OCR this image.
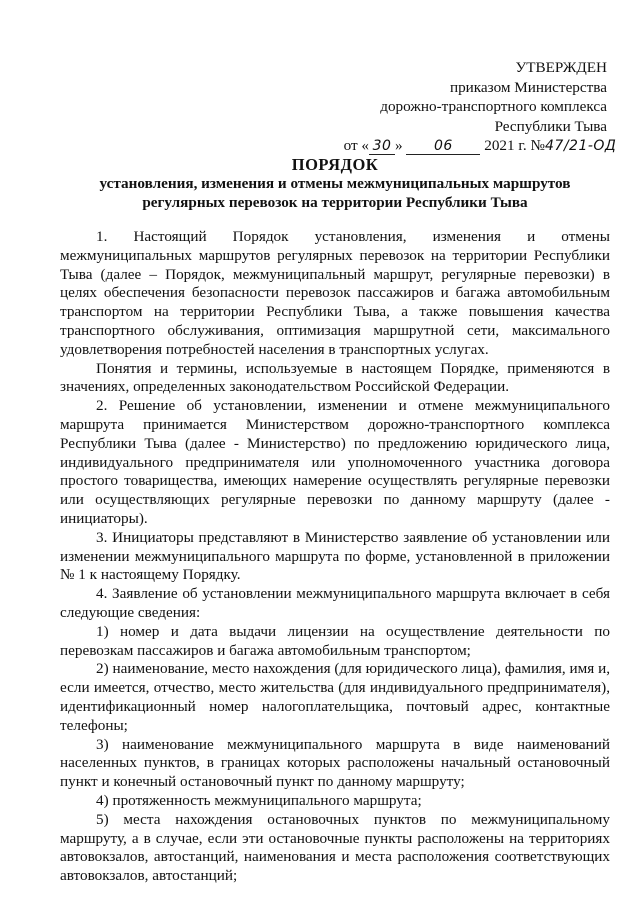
УТВЕРЖДЕН
приказом Министерства
дорожно-транспортного комплекса
Республики Тыва
от « 30 » 06 2021 г. №47/21-ОД
ПОРЯДОК
установления, изменения и отмены межмуниципальных маршрутов
регулярных перевозок на территории Республики Тыва

1. Настоящий Порядок установления, изменения и отмены межмуниципальных маршрутов регулярных перевозок на территории Республики Тыва (далее – Порядок, межмуниципальный маршрут, регулярные перевозки) в целях обеспечения безопасности перевозок пассажиров и багажа автомобильным транспортом на территории Республики Тыва, а также повышения качества транспортного обслуживания, оптимизация маршрутной сети, максимального удовлетворения потребностей населения в транспортных услугах.

Понятия и термины, используемые в настоящем Порядке, применяются в значениях, определенных законодательством Российской Федерации.

2. Решение об установлении, изменении и отмене межмуниципального маршрута принимается Министерством дорожно-транспортного комплекса Республики Тыва (далее - Министерство) по предложению юридического лица, индивидуального предпринимателя или уполномоченного участника договора простого товарищества, имеющих намерение осуществлять регулярные перевозки или осуществляющих регулярные перевозки по данному маршруту (далее - инициаторы).

3. Инициаторы представляют в Министерство заявление об установлении или изменении межмуниципального маршрута по форме, установленной в приложении № 1 к настоящему Порядку.

4. Заявление об установлении межмуниципального маршрута включает в себя следующие сведения:

1) номер и дата выдачи лицензии на осуществление деятельности по перевозкам пассажиров и багажа автомобильным транспортом;

2) наименование, место нахождения (для юридического лица), фамилия, имя и, если имеется, отчество, место жительства (для индивидуального предпринимателя), идентификационный номер налогоплательщика, почтовый адрес, контактные телефоны;

3) наименование межмуниципального маршрута в виде наименований населенных пунктов, в границах которых расположены начальный остановочный пункт и конечный остановочный пункт по данному маршруту;

4) протяженность межмуниципального маршрута;

5) места нахождения остановочных пунктов по межмуниципальному маршруту, а в случае, если эти остановочные пункты расположены на территориях автовокзалов, автостанций, наименования и места расположения соответствующих автовокзалов, автостанций;
